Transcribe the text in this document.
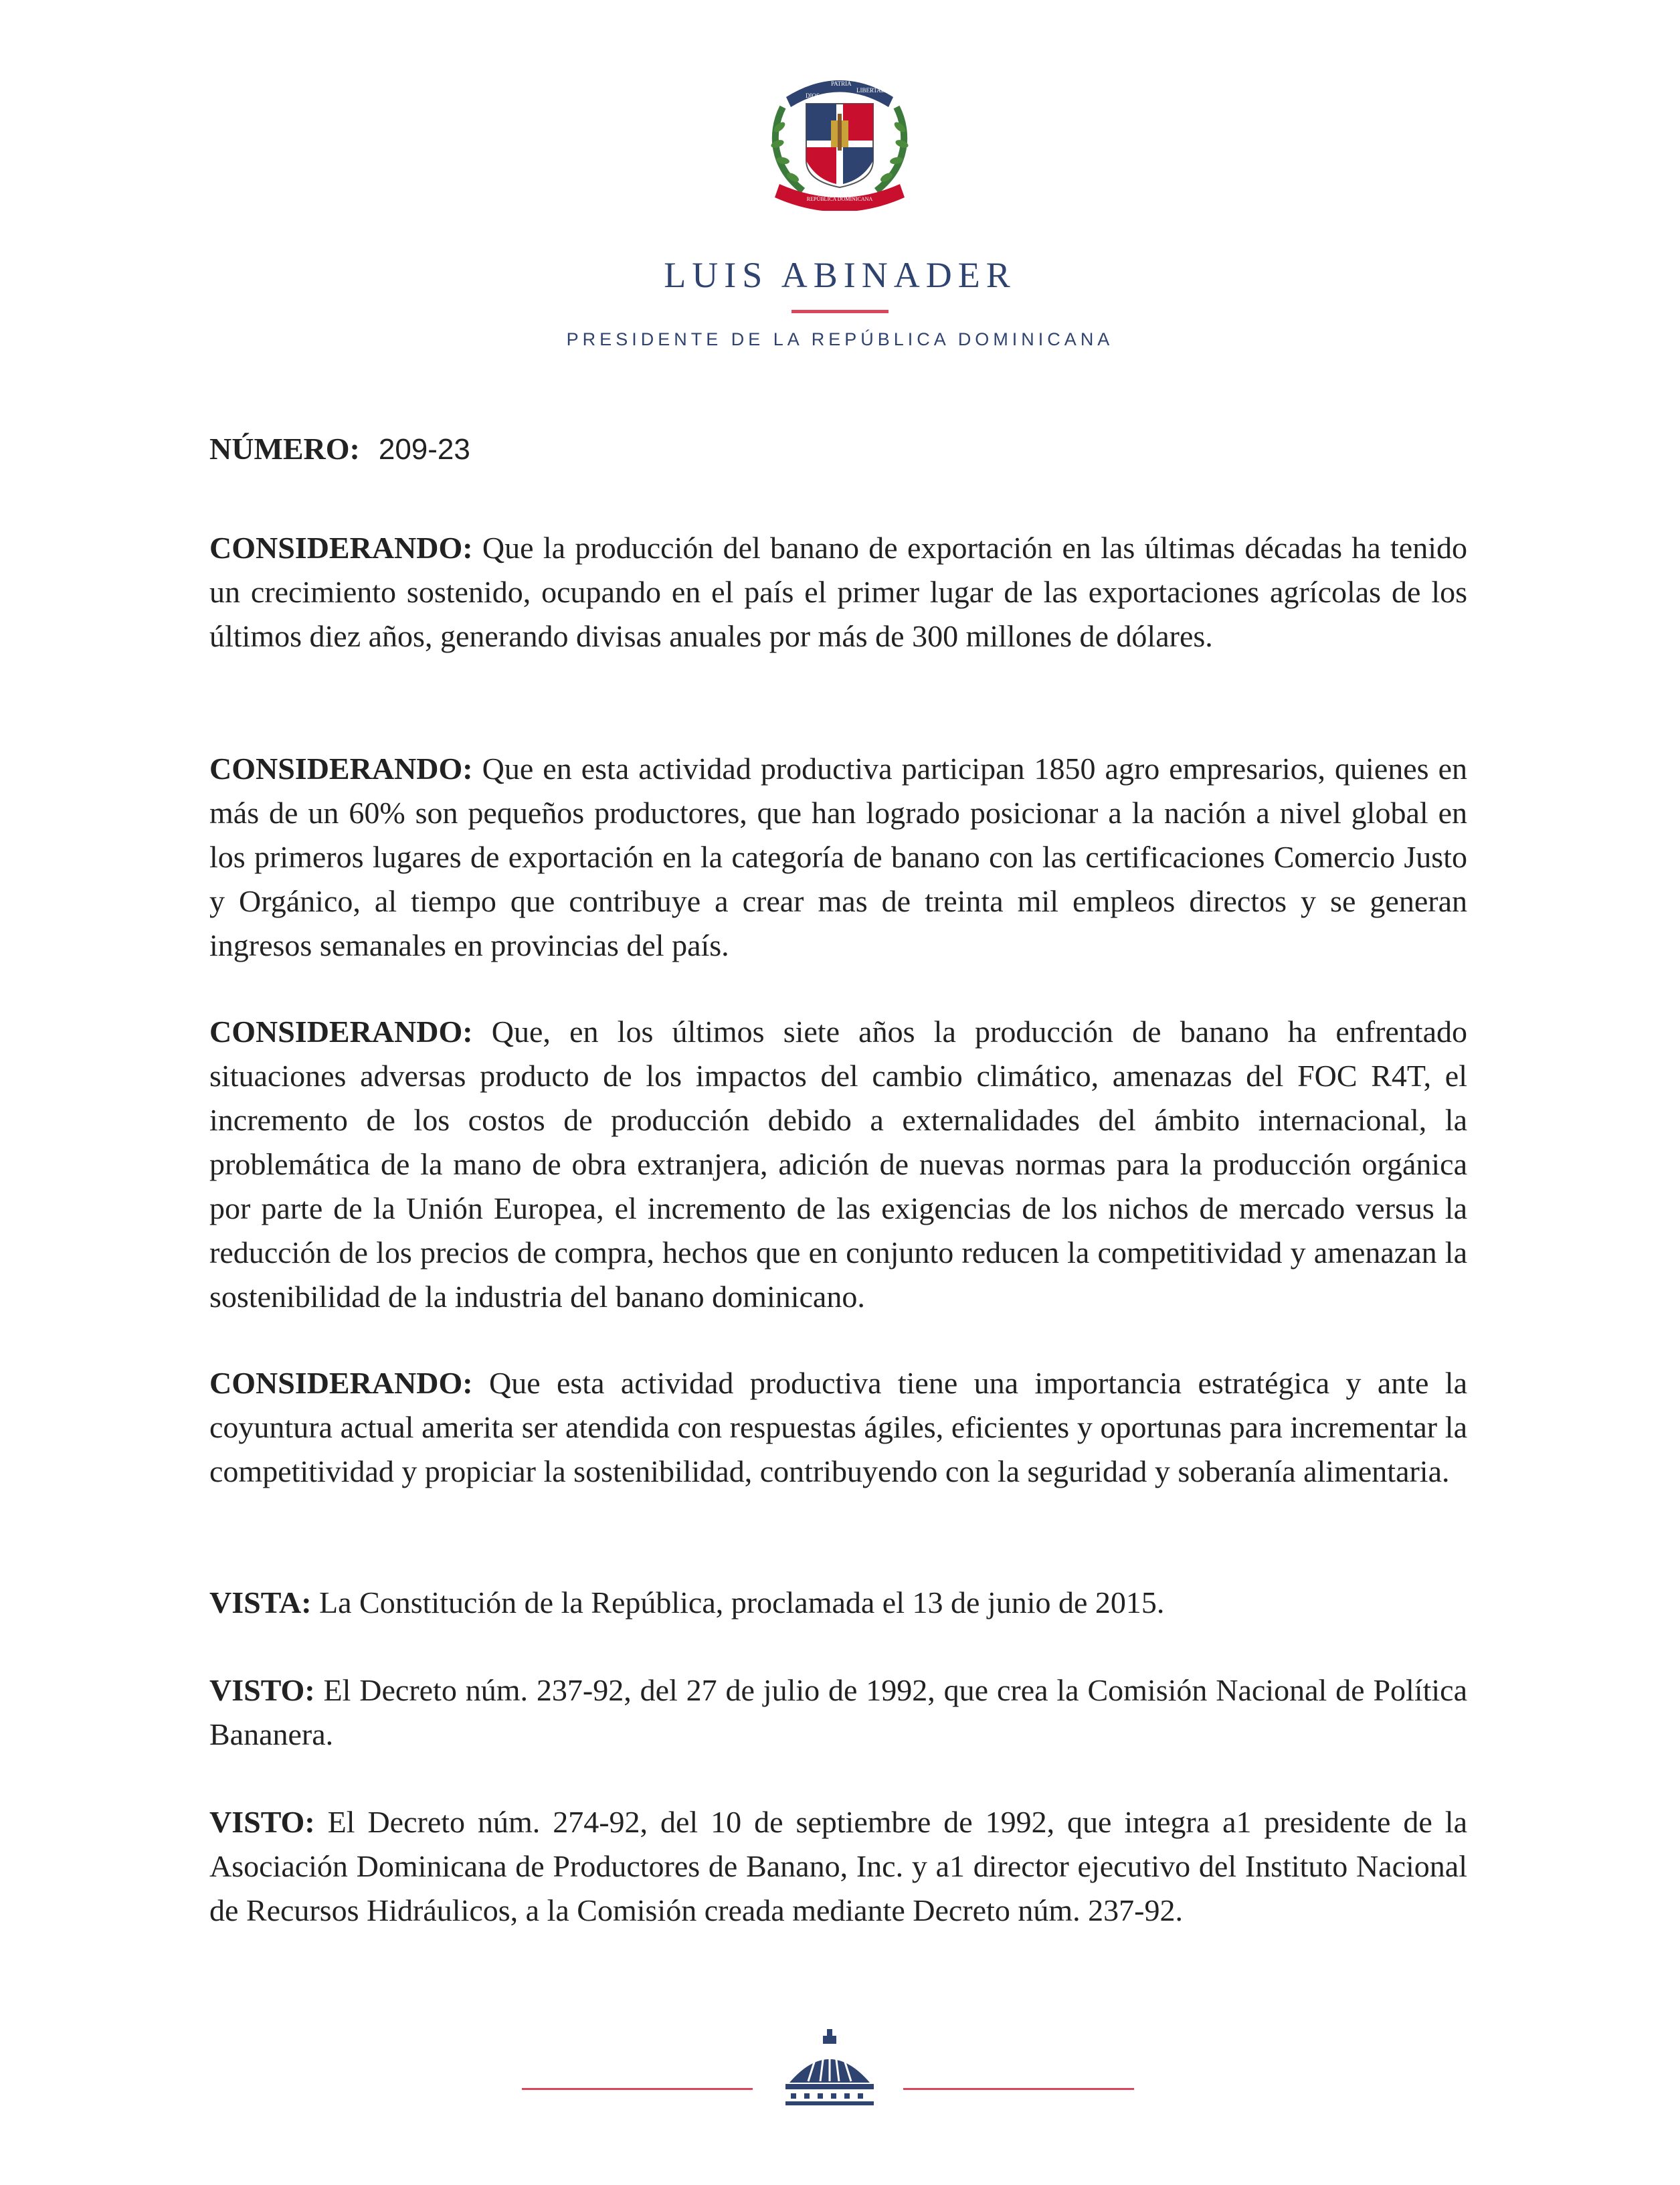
DIOS
PATRIA
LIBERTAD
REPÚBLICA DOMINICANA
LUIS ABINADER
PRESIDENTE DE LA REPÚBLICA DOMINICANA
NÚMERO: 209-23
CONSIDERANDO: Que la producción del banano de exportación en las últimas décadas ha tenido un crecimiento sostenido, ocupando en el país el primer lugar de las exportaciones agrícolas de los últimos diez años, generando divisas anuales por más de 300 millones de dólares.
CONSIDERANDO: Que en esta actividad productiva participan 1850 agro empresarios, quienes en más de un 60% son pequeños productores, que han logrado posicionar a la nación a nivel global en los primeros lugares de exportación en la categoría de banano con las certificaciones Comercio Justo y Orgánico, al tiempo que contribuye a crear mas de treinta mil empleos directos y se generan ingresos semanales en provincias del país.
CONSIDERANDO: Que, en los últimos siete años la producción de banano ha enfrentado situaciones adversas producto de los impactos del cambio climático, amenazas del FOC R4T, el incremento de los costos de producción debido a externalidades del ámbito internacional, la problemática de la mano de obra extranjera, adición de nuevas normas para la producción orgánica por parte de la Unión Europea, el incremento de las exigencias de los nichos de mercado versus la reducción de los precios de compra, hechos que en conjunto reducen la competitividad y amenazan la sostenibilidad de la industria del banano dominicano.
CONSIDERANDO: Que esta actividad productiva tiene una importancia estratégica y ante la coyuntura actual amerita ser atendida con respuestas ágiles, eficientes y oportunas para incrementar la competitividad y propiciar la sostenibilidad, contribuyendo con la seguridad y soberanía alimentaria.
VISTA: La Constitución de la República, proclamada el 13 de junio de 2015.
VISTO: El Decreto núm. 237-92, del 27 de julio de 1992, que crea la Comisión Nacional de Política Bananera.
VISTO: El Decreto núm. 274-92, del 10 de septiembre de 1992, que integra a1 presidente de la Asociación Dominicana de Productores de Banano, Inc. y a1 director ejecutivo del Instituto Nacional de Recursos Hidráulicos, a la Comisión creada mediante Decreto núm. 237-92.
